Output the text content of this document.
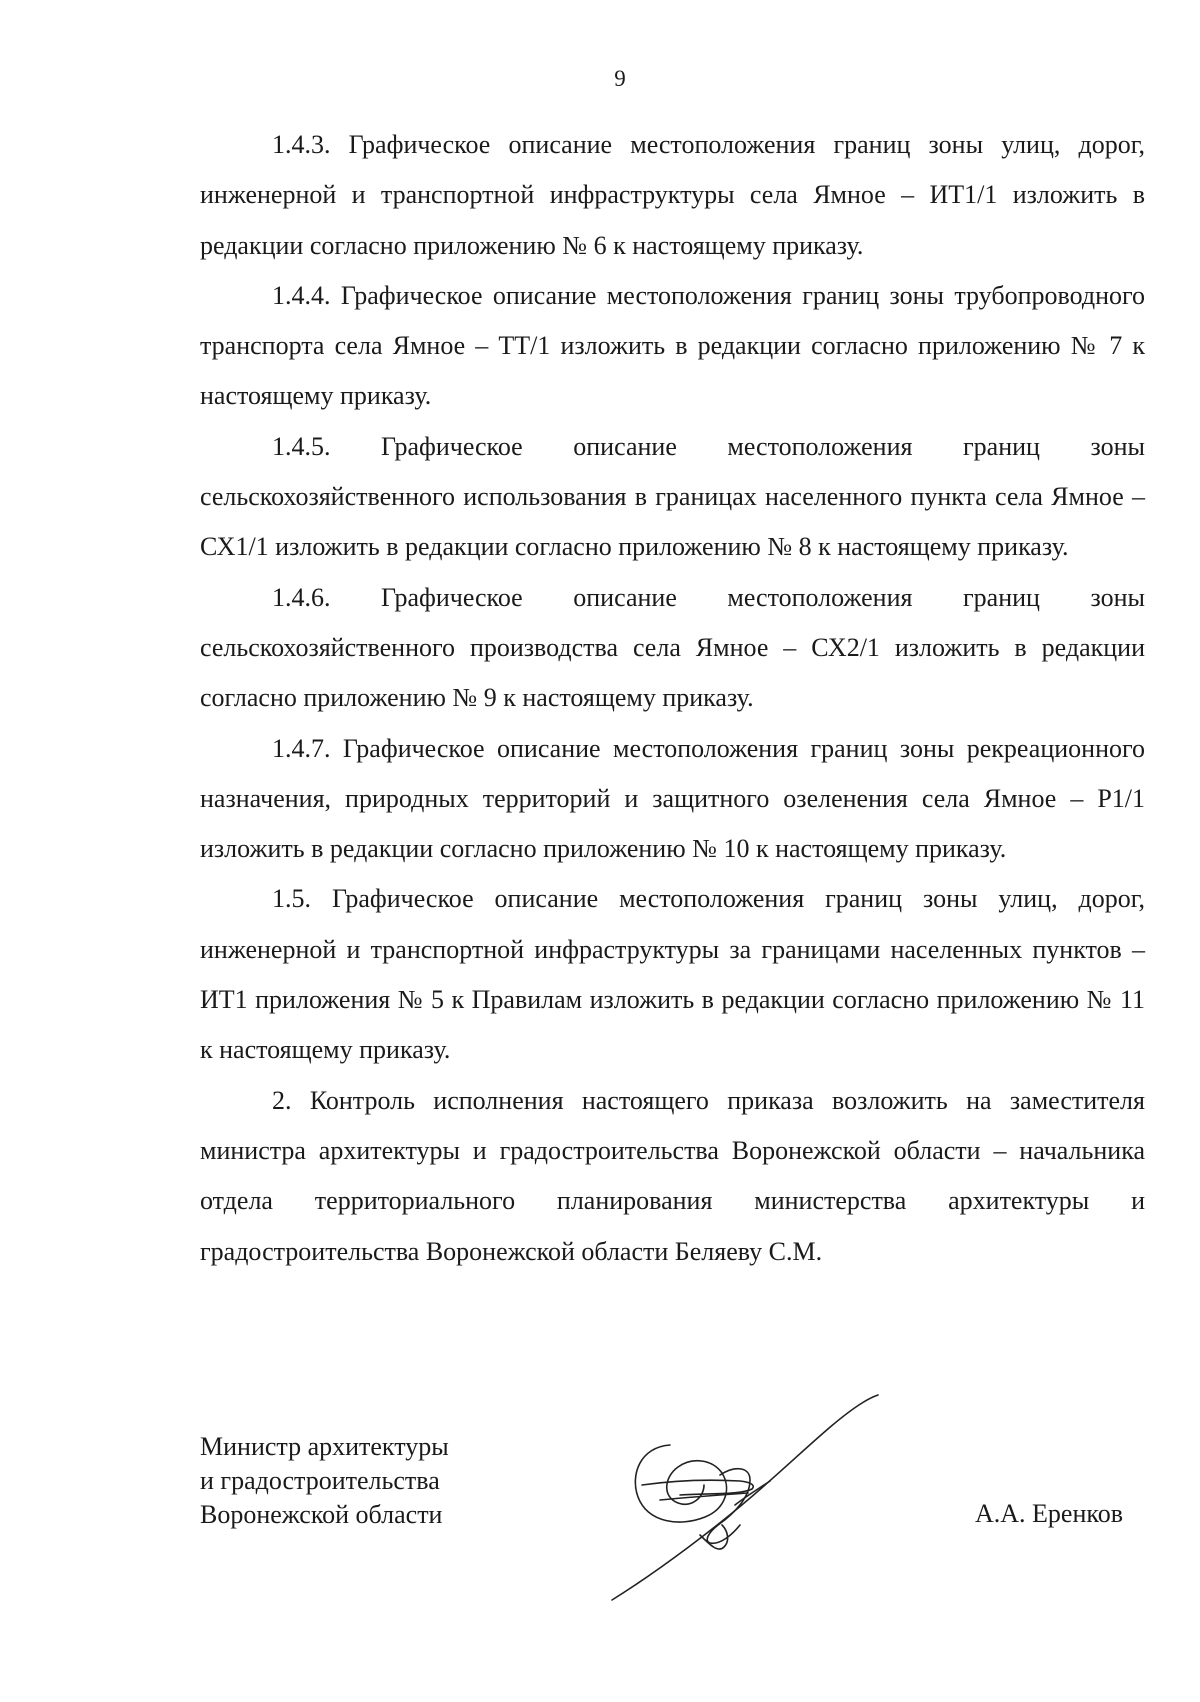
9

1.4.3. Графическое описание местоположения границ зоны улиц, дорог, инженерной и транспортной инфраструктуры села Ямное – ИТ1/1 изложить в редакции согласно приложению № 6 к настоящему приказу.

1.4.4. Графическое описание местоположения границ зоны трубопроводного транспорта села Ямное – ТТ/1 изложить в редакции согласно приложению № 7 к настоящему приказу.

1.4.5. Графическое описание местоположения границ зоны сельскохозяйственного использования в границах населенного пункта села Ямное – СХ1/1 изложить в редакции согласно приложению № 8 к настоящему приказу.

1.4.6. Графическое описание местоположения границ зоны сельскохозяйственного производства села Ямное – СХ2/1 изложить в редакции согласно приложению № 9 к настоящему приказу.

1.4.7. Графическое описание местоположения границ зоны рекреационного назначения, природных территорий и защитного озеленения села Ямное – Р1/1 изложить в редакции согласно приложению № 10 к настоящему приказу.

1.5. Графическое описание местоположения границ зоны улиц, дорог, инженерной и транспортной инфраструктуры за границами населенных пунктов – ИТ1 приложения № 5 к Правилам изложить в редакции согласно приложению № 11 к настоящему приказу.

2. Контроль исполнения настоящего приказа возложить на заместителя министра архитектуры и градостроительства Воронежской области – начальника отдела территориального планирования министерства архитектуры и градостроительства Воронежской области Беляеву С.М.

Министр архитектуры
и градостроительства
Воронежской области	А.А. Еренков
